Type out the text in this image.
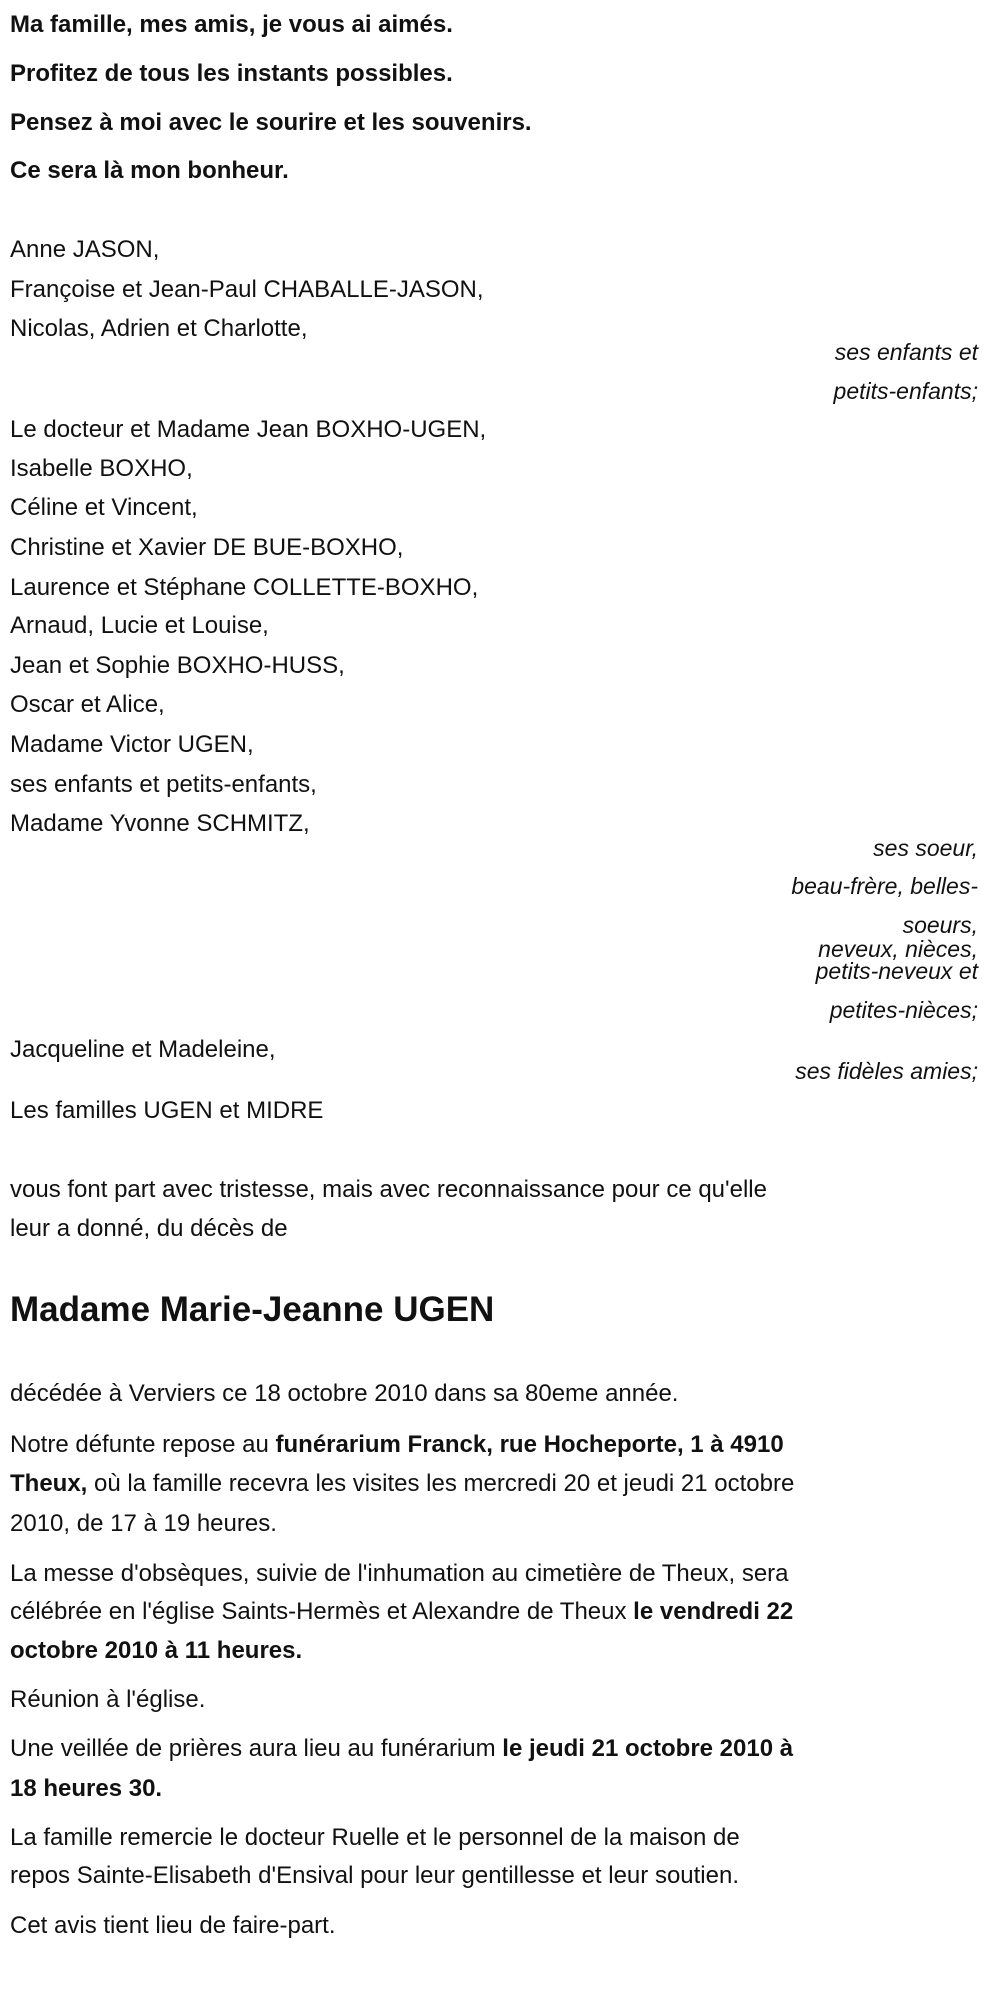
Ma famille, mes amis, je vous ai aimés.
Profitez de tous les instants possibles.
Pensez à moi avec le sourire et les souvenirs.
Ce sera là mon bonheur.
Anne JASON,
Françoise et Jean-Paul CHABALLE-JASON,
Nicolas, Adrien et Charlotte,
ses enfants et
petits-enfants;
Le docteur et Madame Jean BOXHO-UGEN,
Isabelle BOXHO,
Céline et Vincent,
Christine et Xavier DE BUE-BOXHO,
Laurence et Stéphane COLLETTE-BOXHO,
Arnaud, Lucie et Louise,
Jean et Sophie BOXHO-HUSS,
Oscar et Alice,
Madame Victor UGEN,
ses enfants et petits-enfants,
Madame Yvonne SCHMITZ,
ses soeur,
beau-frère, belles-
soeurs,
neveux, nièces,
petits-neveux et
petites-nièces;
Jacqueline et Madeleine,
ses fidèles amies;
Les familles UGEN et MIDRE
vous font part avec tristesse, mais avec reconnaissance pour ce qu'elle
leur a donné, du décès de
Madame Marie-Jeanne UGEN
décédée à Verviers ce 18 octobre 2010 dans sa 80eme année.
Notre défunte repose au funérarium Franck, rue Hocheporte, 1 à 4910
Theux, où la famille recevra les visites les mercredi 20 et jeudi 21 octobre
2010, de 17 à 19 heures.
La messe d'obsèques, suivie de l'inhumation au cimetière de Theux, sera
célébrée en l'église Saints-Hermès et Alexandre de Theux le vendredi 22
octobre 2010 à 11 heures.
Réunion à l'église.
Une veillée de prières aura lieu au funérarium le jeudi 21 octobre 2010 à
18 heures 30.
La famille remercie le docteur Ruelle et le personnel de la maison de
repos Sainte-Elisabeth d'Ensival pour leur gentillesse et leur soutien.
Cet avis tient lieu de faire-part.
